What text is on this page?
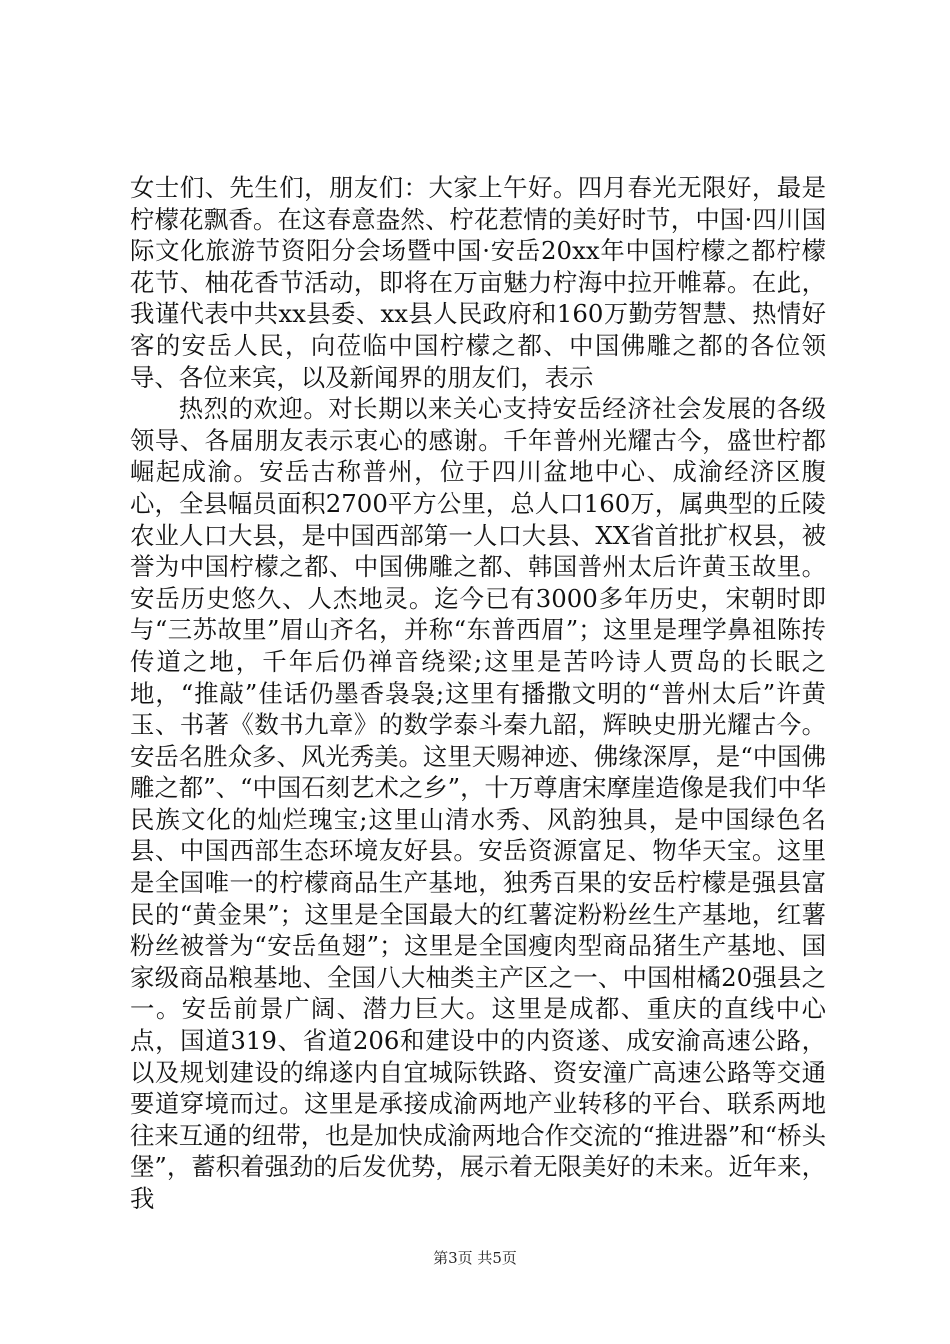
女士们、先生们，朋友们：大家上午好。四月春光无限好，最是柠檬花飘香。在这春意盎然、柠花惹情的美好时节，中国·四川国际文化旅游节资阳分会场暨中国·安岳20xx年中国柠檬之都柠檬花节、柚花香节活动，即将在万亩魅力柠海中拉开帷幕。在此，我谨代表中共xx县委、xx县人民政府和160万勤劳智慧、热情好客的安岳人民，向莅临中国柠檬之都、中国佛雕之都的各位领导、各位来宾，以及新闻界的朋友们，表示

热烈的欢迎。对长期以来关心支持安岳经济社会发展的各级领导、各届朋友表示衷心的感谢。千年普州光耀古今，盛世柠都崛起成渝。安岳古称普州，位于四川盆地中心、成渝经济区腹心，全县幅员面积2700平方公里，总人口160万，属典型的丘陵农业人口大县，是中国西部第一人口大县、XX省首批扩权县，被誉为中国柠檬之都、中国佛雕之都、韩国普州太后许黄玉故里。安岳历史悠久、人杰地灵。迄今已有3000多年历史，宋朝时即与“三苏故里”眉山齐名，并称“东普西眉”；这里是理学鼻祖陈抟传道之地，千年后仍禅音绕梁;这里是苦吟诗人贾岛的长眠之地，“推敲”佳话仍墨香袅袅;这里有播撒文明的“普州太后”许黄玉、书著《数书九章》的数学泰斗秦九韶，辉映史册光耀古今。安岳名胜众多、风光秀美。这里天赐神迹、佛缘深厚，是“中国佛雕之都”、“中国石刻艺术之乡”，十万尊唐宋摩崖造像是我们中华民族文化的灿烂瑰宝;这里山清水秀、风韵独具，是中国绿色名县、中国西部生态环境友好县。安岳资源富足、物华天宝。这里是全国唯一的柠檬商品生产基地，独秀百果的安岳柠檬是强县富民的“黄金果”；这里是全国最大的红薯淀粉粉丝生产基地，红薯粉丝被誉为“安岳鱼翅”；这里是全国瘦肉型商品猪生产基地、国家级商品粮基地、全国八大柚类主产区之一、中国柑橘20强县之一。安岳前景广阔、潜力巨大。这里是成都、重庆的直线中心点，国道319、省道206和建设中的内资遂、成安渝高速公路，以及规划建设的绵遂内自宜城际铁路、资安潼广高速公路等交通要道穿境而过。这里是承接成渝两地产业转移的平台、联系两地往来互通的纽带，也是加快成渝两地合作交流的“推进器”和“桥头堡”，蓄积着强劲的后发优势，展示着无限美好的未来。近年来，我

第3页 共5页
